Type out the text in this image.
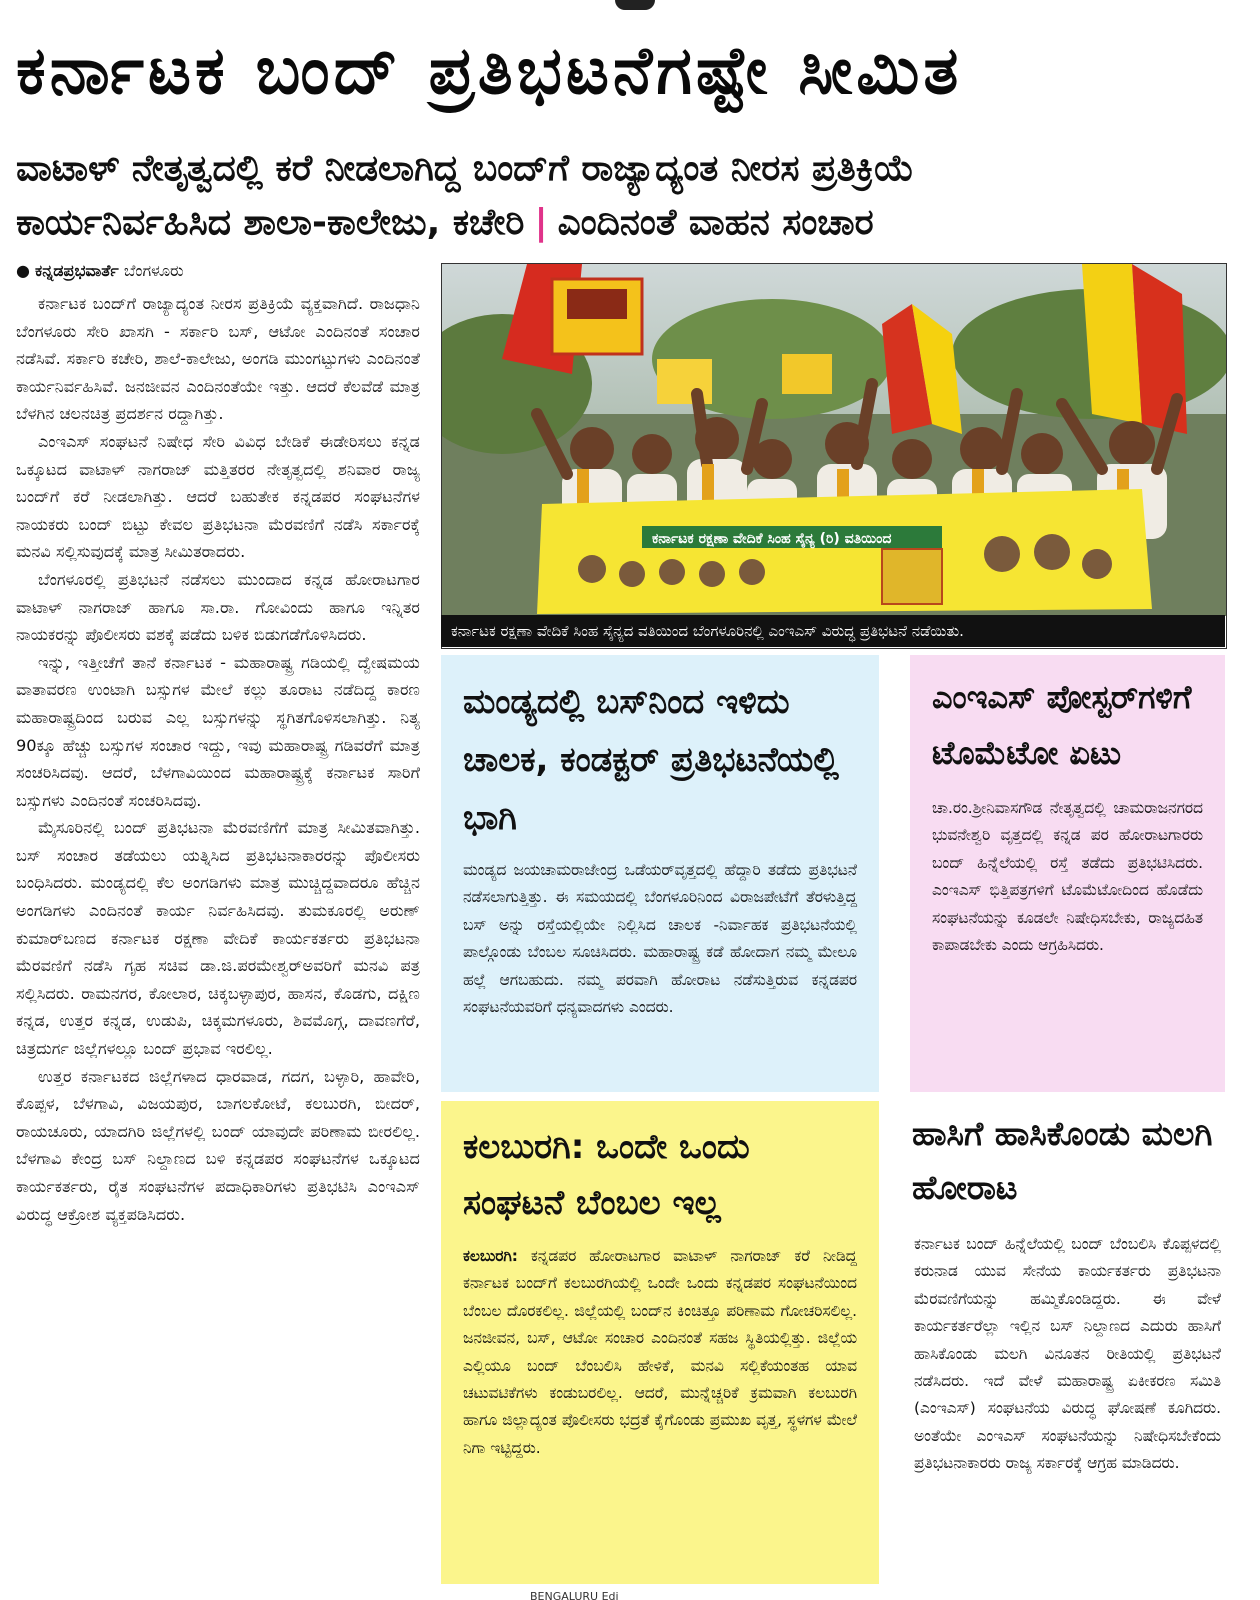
ಕರ್ನಾಟಕ ಬಂದ್ ಪ್ರತಿಭಟನೆಗಷ್ಟೇ ಸೀಮಿತ
ವಾಟಾಳ್ ನೇತೃತ್ವದಲ್ಲಿ ಕರೆ ನೀಡಲಾಗಿದ್ದ ಬಂದ್‌ಗೆ ರಾಜ್ಯಾದ್ಯಂತ ನೀರಸ ಪ್ರತಿಕ್ರಿಯೆ
ಕಾರ್ಯನಿರ್ವಹಿಸಿದ ಶಾಲಾ-ಕಾಲೇಜು, ಕಚೇರಿ | ಎಂದಿನಂತೆ ವಾಹನ ಸಂಚಾರ
● ಕನ್ನಡಪ್ರಭವಾರ್ತೆ ಬೆಂಗಳೂರು

ಕರ್ನಾಟಕ ಬಂದ್‌ಗೆ ರಾಜ್ಯಾದ್ಯಂತ ನೀರಸ ಪ್ರತಿಕ್ರಿಯೆ ವ್ಯಕ್ತವಾಗಿದೆ. ರಾಜಧಾನಿ ಬೆಂಗಳೂರು ಸೇರಿ ಖಾಸಗಿ - ಸರ್ಕಾರಿ ಬಸ್, ಆಟೋ ಎಂದಿನಂತೆ ಸಂಚಾರ ನಡೆಸಿವೆ. ಸರ್ಕಾರಿ ಕಚೇರಿ, ಶಾಲೆ-ಕಾಲೇಜು, ಅಂಗಡಿ ಮುಂಗಟ್ಟುಗಳು ಎಂದಿನಂತೆ ಕಾರ್ಯನಿರ್ವಹಿಸಿವೆ. ಜನಜೀವನ ಎಂದಿನಂತೆಯೇ ಇತ್ತು. ಆದರೆ ಕೆಲವೆಡೆ ಮಾತ್ರ ಬೆಳಗಿನ ಚಲನಚಿತ್ರ ಪ್ರದರ್ಶನ ರದ್ದಾಗಿತ್ತು.

ಎಂಇಎಸ್ ಸಂಘಟನೆ ನಿಷೇಧ ಸೇರಿ ವಿವಿಧ ಬೇಡಿಕೆ ಈಡೇರಿಸಲು ಕನ್ನಡ ಒಕ್ಕೂಟದ ವಾಟಾಳ್ ನಾಗರಾಜ್ ಮತ್ತಿತರರ ನೇತೃತ್ವದಲ್ಲಿ ಶನಿವಾರ ರಾಜ್ಯ ಬಂದ್‌ಗೆ ಕರೆ ನೀಡಲಾಗಿತ್ತು. ಆದರೆ ಬಹುತೇಕ ಕನ್ನಡಪರ ಸಂಘಟನೆಗಳ ನಾಯಕರು ಬಂದ್ ಬಿಟ್ಟು ಕೇವಲ ಪ್ರತಿಭಟನಾ ಮೆರವಣಿಗೆ ನಡೆಸಿ ಸರ್ಕಾರಕ್ಕೆ ಮನವಿ ಸಲ್ಲಿಸುವುದಕ್ಕೆ ಮಾತ್ರ ಸೀಮಿತರಾದರು.

ಬೆಂಗಳೂರಲ್ಲಿ ಪ್ರತಿಭಟನೆ ನಡೆಸಲು ಮುಂದಾದ ಕನ್ನಡ ಹೋರಾಟಗಾರ ವಾಟಾಳ್ ನಾಗರಾಜ್ ಹಾಗೂ ಸಾ.ರಾ. ಗೋವಿಂದು ಹಾಗೂ ಇನ್ನಿತರ ನಾಯಕರನ್ನು ಪೊಲೀಸರು ವಶಕ್ಕೆ ಪಡೆದು ಬಳಿಕ ಬಿಡುಗಡೆಗೊಳಿಸಿದರು.

ಇನ್ನು, ಇತ್ತೀಚೆಗೆ ತಾನೆ ಕರ್ನಾಟಕ - ಮಹಾರಾಷ್ಟ್ರ ಗಡಿಯಲ್ಲಿ ದ್ವೇಷಮಯ ವಾತಾವರಣ ಉಂಟಾಗಿ ಬಸ್ಸುಗಳ ಮೇಲೆ ಕಲ್ಲು ತೂರಾಟ ನಡೆದಿದ್ದ ಕಾರಣ ಮಹಾರಾಷ್ಟ್ರದಿಂದ ಬರುವ ಎಲ್ಲ ಬಸ್ಸುಗಳನ್ನು ಸ್ಥಗಿತಗೊಳಿಸಲಾಗಿತ್ತು. ನಿತ್ಯ 90ಕ್ಕೂ ಹೆಚ್ಚು ಬಸ್ಸುಗಳ ಸಂಚಾರ ಇದ್ದು, ಇವು ಮಹಾರಾಷ್ಟ್ರ ಗಡಿವರೆಗೆ ಮಾತ್ರ ಸಂಚರಿಸಿದವು. ಆದರೆ, ಬೆಳಗಾವಿಯಿಂದ ಮಹಾರಾಷ್ಟ್ರಕ್ಕೆ ಕರ್ನಾಟಕ ಸಾರಿಗೆ ಬಸ್ಸುಗಳು ಎಂದಿನಂತೆ ಸಂಚರಿಸಿದವು.

ಮೈಸೂರಿನಲ್ಲಿ ಬಂದ್ ಪ್ರತಿಭಟನಾ ಮೆರವಣಿಗೆಗೆ ಮಾತ್ರ ಸೀಮಿತವಾಗಿತ್ತು. ಬಸ್ ಸಂಚಾರ ತಡೆಯಲು ಯತ್ನಿಸಿದ ಪ್ರತಿಭಟನಾಕಾರರನ್ನು ಪೊಲೀಸರು ಬಂಧಿಸಿದರು. ಮಂಡ್ಯದಲ್ಲಿ ಕೆಲ ಅಂಗಡಿಗಳು ಮಾತ್ರ ಮುಚ್ಚಿದ್ದವಾದರೂ ಹೆಚ್ಚಿನ ಅಂಗಡಿಗಳು ಎಂದಿನಂತೆ ಕಾರ್ಯ ನಿರ್ವಹಿಸಿದವು. ತುಮಕೂರಲ್ಲಿ ಅರುಣ್ ಕುಮಾರ್‌ಬಣದ ಕರ್ನಾಟಕ ರಕ್ಷಣಾ ವೇದಿಕೆ ಕಾರ್ಯಕರ್ತರು ಪ್ರತಿಭಟನಾ ಮೆರವಣಿಗೆ ನಡೆಸಿ ಗೃಹ ಸಚಿವ ಡಾ.ಜಿ.ಪರಮೇಶ್ವರ್‌ಅವರಿಗೆ ಮನವಿ ಪತ್ರ ಸಲ್ಲಿಸಿದರು. ರಾಮನಗರ, ಕೋಲಾರ, ಚಿಕ್ಕಬಳ್ಳಾಪುರ, ಹಾಸನ, ಕೊಡಗು, ದಕ್ಷಿಣ ಕನ್ನಡ, ಉತ್ತರ ಕನ್ನಡ, ಉಡುಪಿ, ಚಿಕ್ಕಮಗಳೂರು, ಶಿವಮೊಗ್ಗ, ದಾವಣಗೆರೆ, ಚಿತ್ರದುರ್ಗ ಜಿಲ್ಲೆಗಳಲ್ಲೂ ಬಂದ್ ಪ್ರಭಾವ ಇರಲಿಲ್ಲ.

ಉತ್ತರ ಕರ್ನಾಟಕದ ಜಿಲ್ಲೆಗಳಾದ ಧಾರವಾಡ, ಗದಗ, ಬಳ್ಳಾರಿ, ಹಾವೇರಿ, ಕೊಪ್ಪಳ, ಬೆಳಗಾವಿ, ವಿಜಯಪುರ, ಬಾಗಲಕೋಟೆ, ಕಲಬುರಗಿ, ಬೀದರ್, ರಾಯಚೂರು, ಯಾದಗಿರಿ ಜಿಲ್ಲೆಗಳಲ್ಲಿ ಬಂದ್ ಯಾವುದೇ ಪರಿಣಾಮ ಬೀರಲಿಲ್ಲ. ಬೆಳಗಾವಿ ಕೇಂದ್ರ ಬಸ್ ನಿಲ್ದಾಣದ ಬಳಿ ಕನ್ನಡಪರ ಸಂಘಟನೆಗಳ ಒಕ್ಕೂಟದ ಕಾರ್ಯಕರ್ತರು, ರೈತ ಸಂಘಟನೆಗಳ ಪದಾಧಿಕಾರಿಗಳು ಪ್ರತಿಭಟಿಸಿ ಎಂಇಎಸ್ ವಿರುದ್ಧ ಆಕ್ರೋಶ ವ್ಯಕ್ತಪಡಿಸಿದರು.

ಕರ್ನಾಟಕ ರಕ್ಷಣಾ ವೇದಿಕೆ ಸಿಂಹ ಸೈನ್ಯ (ರಿ) ವತಿಯಿಂದ
ಕರ್ನಾಟಕ ರಕ್ಷಣಾ ವೇದಿಕೆ ಸಿಂಹ ಸೈನ್ಯದ ವತಿಯಿಂದ ಬೆಂಗಳೂರಿನಲ್ಲಿ ಎಂಇಎಸ್ ವಿರುದ್ಧ ಪ್ರತಿಭಟನೆ ನಡೆಯಿತು.
ಮಂಡ್ಯದಲ್ಲಿ ಬಸ್‌ನಿಂದ ಇಳಿದು ಚಾಲಕ, ಕಂಡಕ್ಟರ್ ಪ್ರತಿಭಟನೆಯಲ್ಲಿ ಭಾಗಿ

ಮಂಡ್ಯದ ಜಯಚಾಮರಾಜೇಂದ್ರ ಒಡೆಯರ್‌ವೃತ್ತದಲ್ಲಿ ಹೆದ್ದಾರಿ ತಡೆದು ಪ್ರತಿಭಟನೆ ನಡೆಸಲಾಗುತ್ತಿತ್ತು. ಈ ಸಮಯದಲ್ಲಿ ಬೆಂಗಳೂರಿನಿಂದ ವಿರಾಜಪೇಟೆಗೆ ತೆರಳುತ್ತಿದ್ದ ಬಸ್ ಅನ್ನು ರಸ್ತೆಯಲ್ಲಿಯೇ ನಿಲ್ಲಿಸಿದ ಚಾಲಕ -ನಿರ್ವಾಹಕ ಪ್ರತಿಭಟನೆಯಲ್ಲಿ ಪಾಲ್ಗೊಂಡು ಬೆಂಬಲ ಸೂಚಿಸಿದರು. ಮಹಾರಾಷ್ಟ್ರ ಕಡೆ ಹೋದಾಗ ನಮ್ಮ ಮೇಲೂ ಹಲ್ಲೆ ಆಗಬಹುದು. ನಮ್ಮ ಪರವಾಗಿ ಹೋರಾಟ ನಡೆಸುತ್ತಿರುವ ಕನ್ನಡಪರ ಸಂಘಟನೆಯವರಿಗೆ ಧನ್ಯವಾದಗಳು ಎಂದರು.

ಎಂಇಎಸ್ ಪೋಸ್ಟರ್‌ಗಳಿಗೆ ಟೊಮೆಟೋ ಏಟು

ಚಾ.ರಂ.ಶ್ರೀನಿವಾಸಗೌಡ ನೇತೃತ್ವದಲ್ಲಿ ಚಾಮರಾಜನಗರದ ಭುವನೇಶ್ವರಿ ವೃತ್ತದಲ್ಲಿ ಕನ್ನಡ ಪರ ಹೋರಾಟಗಾರರು ಬಂದ್ ಹಿನ್ನೆಲೆಯಲ್ಲಿ ರಸ್ತೆ ತಡೆದು ಪ್ರತಿಭಟಿಸಿದರು. ಎಂಇಎಸ್ ಭಿತ್ತಿಪತ್ರಗಳಿಗೆ ಟೊಮೆಟೋದಿಂದ ಹೊಡೆದು ಸಂಘಟನೆಯನ್ನು ಕೂಡಲೇ ನಿಷೇಧಿಸಬೇಕು, ರಾಜ್ಯದಹಿತ ಕಾಪಾಡಬೇಕು ಎಂದು ಆಗ್ರಹಿಸಿದರು.

ಕಲಬುರಗಿ: ಒಂದೇ ಒಂದು ಸಂಘಟನೆ ಬೆಂಬಲ ಇಲ್ಲ

ಕಲಬುರಗಿ: ಕನ್ನಡಪರ ಹೋರಾಟಗಾರ ವಾಟಾಳ್ ನಾಗರಾಜ್ ಕರೆ ನೀಡಿದ್ದ ಕರ್ನಾಟಕ ಬಂದ್‌ಗೆ ಕಲಬುರಗಿಯಲ್ಲಿ ಒಂದೇ ಒಂದು ಕನ್ನಡಪರ ಸಂಘಟನೆಯಿಂದ ಬೆಂಬಲ ದೊರಕಲಿಲ್ಲ. ಜಿಲ್ಲೆಯಲ್ಲಿ ಬಂದ್‌ನ ಕಿಂಚಿತ್ತೂ ಪರಿಣಾಮ ಗೋಚರಿಸಲಿಲ್ಲ. ಜನಜೀವನ, ಬಸ್, ಆಟೋ ಸಂಚಾರ ಎಂದಿನಂತೆ ಸಹಜ ಸ್ಥಿತಿಯಲ್ಲಿತ್ತು. ಜಿಲ್ಲೆಯ ಎಲ್ಲಿಯೂ ಬಂದ್ ಬೆಂಬಲಿಸಿ ಹೇಳಿಕೆ, ಮನವಿ ಸಲ್ಲಿಕೆಯಂತಹ ಯಾವ ಚಟುವಟಿಕೆಗಳು ಕಂಡುಬರಲಿಲ್ಲ. ಆದರೆ, ಮುನ್ನೆಚ್ಚರಿಕೆ ಕ್ರಮವಾಗಿ ಕಲಬುರಗಿ ಹಾಗೂ ಜಿಲ್ಲಾದ್ಯಂತ ಪೊಲೀಸರು ಭದ್ರತೆ ಕೈಗೊಂಡು ಪ್ರಮುಖ ವೃತ್ತ, ಸ್ಥಳಗಳ ಮೇಲೆ ನಿಗಾ ಇಟ್ಟಿದ್ದರು.

ಹಾಸಿಗೆ ಹಾಸಿಕೊಂಡು ಮಲಗಿ ಹೋರಾಟ

ಕರ್ನಾಟಕ ಬಂದ್ ಹಿನ್ನೆಲೆಯಲ್ಲಿ ಬಂದ್ ಬೆಂಬಲಿಸಿ ಕೊಪ್ಪಳದಲ್ಲಿ ಕರುನಾಡ ಯುವ ಸೇನೆಯ ಕಾರ್ಯಕರ್ತರು ಪ್ರತಿಭಟನಾ ಮೆರವಣಿಗೆಯನ್ನು ಹಮ್ಮಿಕೊಂಡಿದ್ದರು. ಈ ವೇಳೆ ಕಾರ್ಯಕರ್ತರೆಲ್ಲಾ ಇಲ್ಲಿನ ಬಸ್ ನಿಲ್ದಾಣದ ಎದುರು ಹಾಸಿಗೆ ಹಾಸಿಕೊಂಡು ಮಲಗಿ ವಿನೂತನ ರೀತಿಯಲ್ಲಿ ಪ್ರತಿಭಟನೆ ನಡೆಸಿದರು. ಇದೆ ವೇಳೆ ಮಹಾರಾಷ್ಟ್ರ ಏಕೀಕರಣ ಸಮಿತಿ (ಎಂಇಎಸ್) ಸಂಘಟನೆಯ ವಿರುದ್ಧ ಘೋಷಣೆ ಕೂಗಿದರು. ಅಂತೆಯೇ ಎಂಇಎಸ್ ಸಂಘಟನೆಯನ್ನು ನಿಷೇಧಿಸಬೇಕೆಂದು ಪ್ರತಿಭಟನಾಕಾರರು ರಾಜ್ಯ ಸರ್ಕಾರಕ್ಕೆ ಆಗ್ರಹ ಮಾಡಿದರು.

BENGALURU Edi
